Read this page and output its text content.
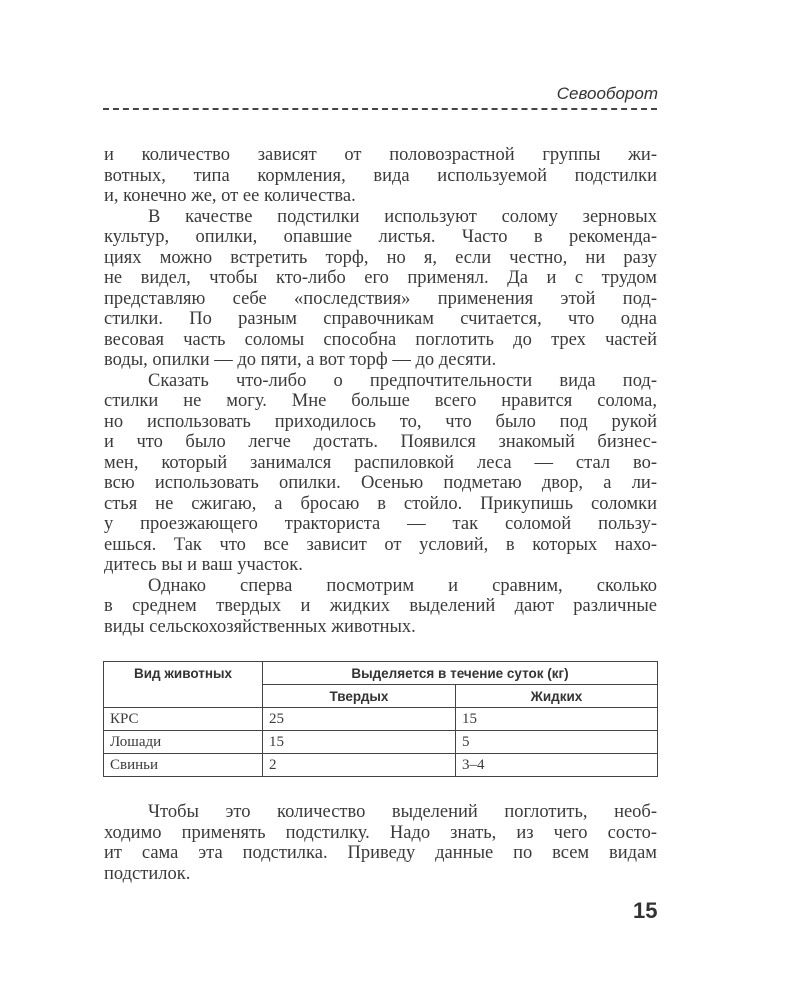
Севооборот
и количество зависят от половозрастной группы жи-
вотных, типа кормления, вида используемой подстилки
и, конечно же, от ее количества.
В качестве подстилки используют солому зерновых
культур, опилки, опавшие листья. Часто в рекоменда-
циях можно встретить торф, но я, если честно, ни разу
не видел, чтобы кто-либо его применял. Да и с трудом
представляю себе «последствия» применения этой под-
стилки. По разным справочникам считается, что одна
весовая часть соломы способна поглотить до трех частей
воды, опилки — до пяти, а вот торф — до десяти.
Сказать что-либо о предпочтительности вида под-
стилки не могу. Мне больше всего нравится солома,
но использовать приходилось то, что было под рукой
и что было легче достать. Появился знакомый бизнес-
мен, который занимался распиловкой леса — стал во-
всю использовать опилки. Осенью подметаю двор, а ли-
стья не сжигаю, а бросаю в стойло. Прикупишь соломки
у проезжающего тракториста — так соломой пользу-
ешься. Так что все зависит от условий, в которых нахо-
дитесь вы и ваш участок.
Однако сперва посмотрим и сравним, сколько
в среднем твердых и жидких выделений дают различные
виды сельскохозяйственных животных.
Чтобы это количество выделений поглотить, необ-
ходимо применять подстилку. Надо знать, из чего состо-
ит сама эта подстилка. Приведу данные по всем видам
подстилок.
Вид животных	Выделяется в течение суток (кг)	
	Твердых	Жидких
КРС	25	15
Лошади	15	5
Свиньи	2	3–4
15
